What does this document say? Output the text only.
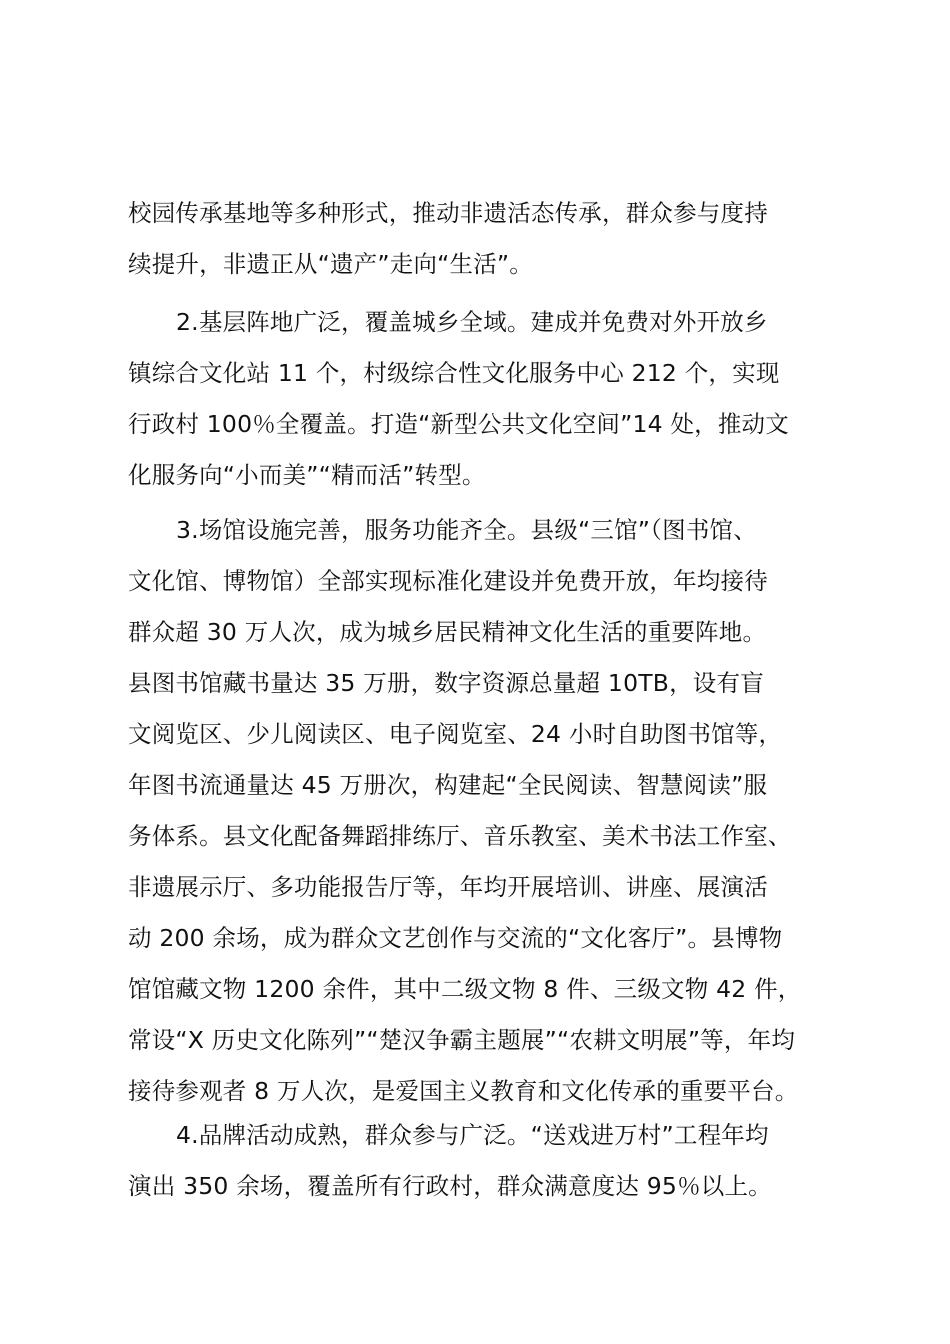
校园传承基地等多种形式，推动非遗活态传承，群众参与度持
续提升，非遗正从“遗产”走向“生活”。
2.基层阵地广泛，覆盖城乡全域。建成并免费对外开放乡
镇综合文化站 11 个，村级综合性文化服务中心 212 个，实现
行政村 100％全覆盖。打造“新型公共文化空间”14 处，推动文
化服务向“小而美”“精而活”转型。
3.场馆设施完善，服务功能齐全。县级“三馆”（图书馆、
文化馆、博物馆）全部实现标准化建设并免费开放，年均接待
群众超 30 万人次，成为城乡居民精神文化生活的重要阵地。
县图书馆藏书量达 35 万册，数字资源总量超 10TB，设有盲
文阅览区、少儿阅读区、电子阅览室、24 小时自助图书馆等，
年图书流通量达 45 万册次，构建起“全民阅读、智慧阅读”服
务体系。县文化配备舞蹈排练厅、音乐教室、美术书法工作室、
非遗展示厅、多功能报告厅等，年均开展培训、讲座、展演活
动 200 余场，成为群众文艺创作与交流的“文化客厅”。县博物
馆馆藏文物 1200 余件，其中二级文物 8 件、三级文物 42 件，
常设“X 历史文化陈列”“楚汉争霸主题展”“农耕文明展”等，年均
接待参观者 8 万人次，是爱国主义教育和文化传承的重要平台。
4.品牌活动成熟，群众参与广泛。“送戏进万村”工程年均
演出 350 余场，覆盖所有行政村，群众满意度达 95％以上。
